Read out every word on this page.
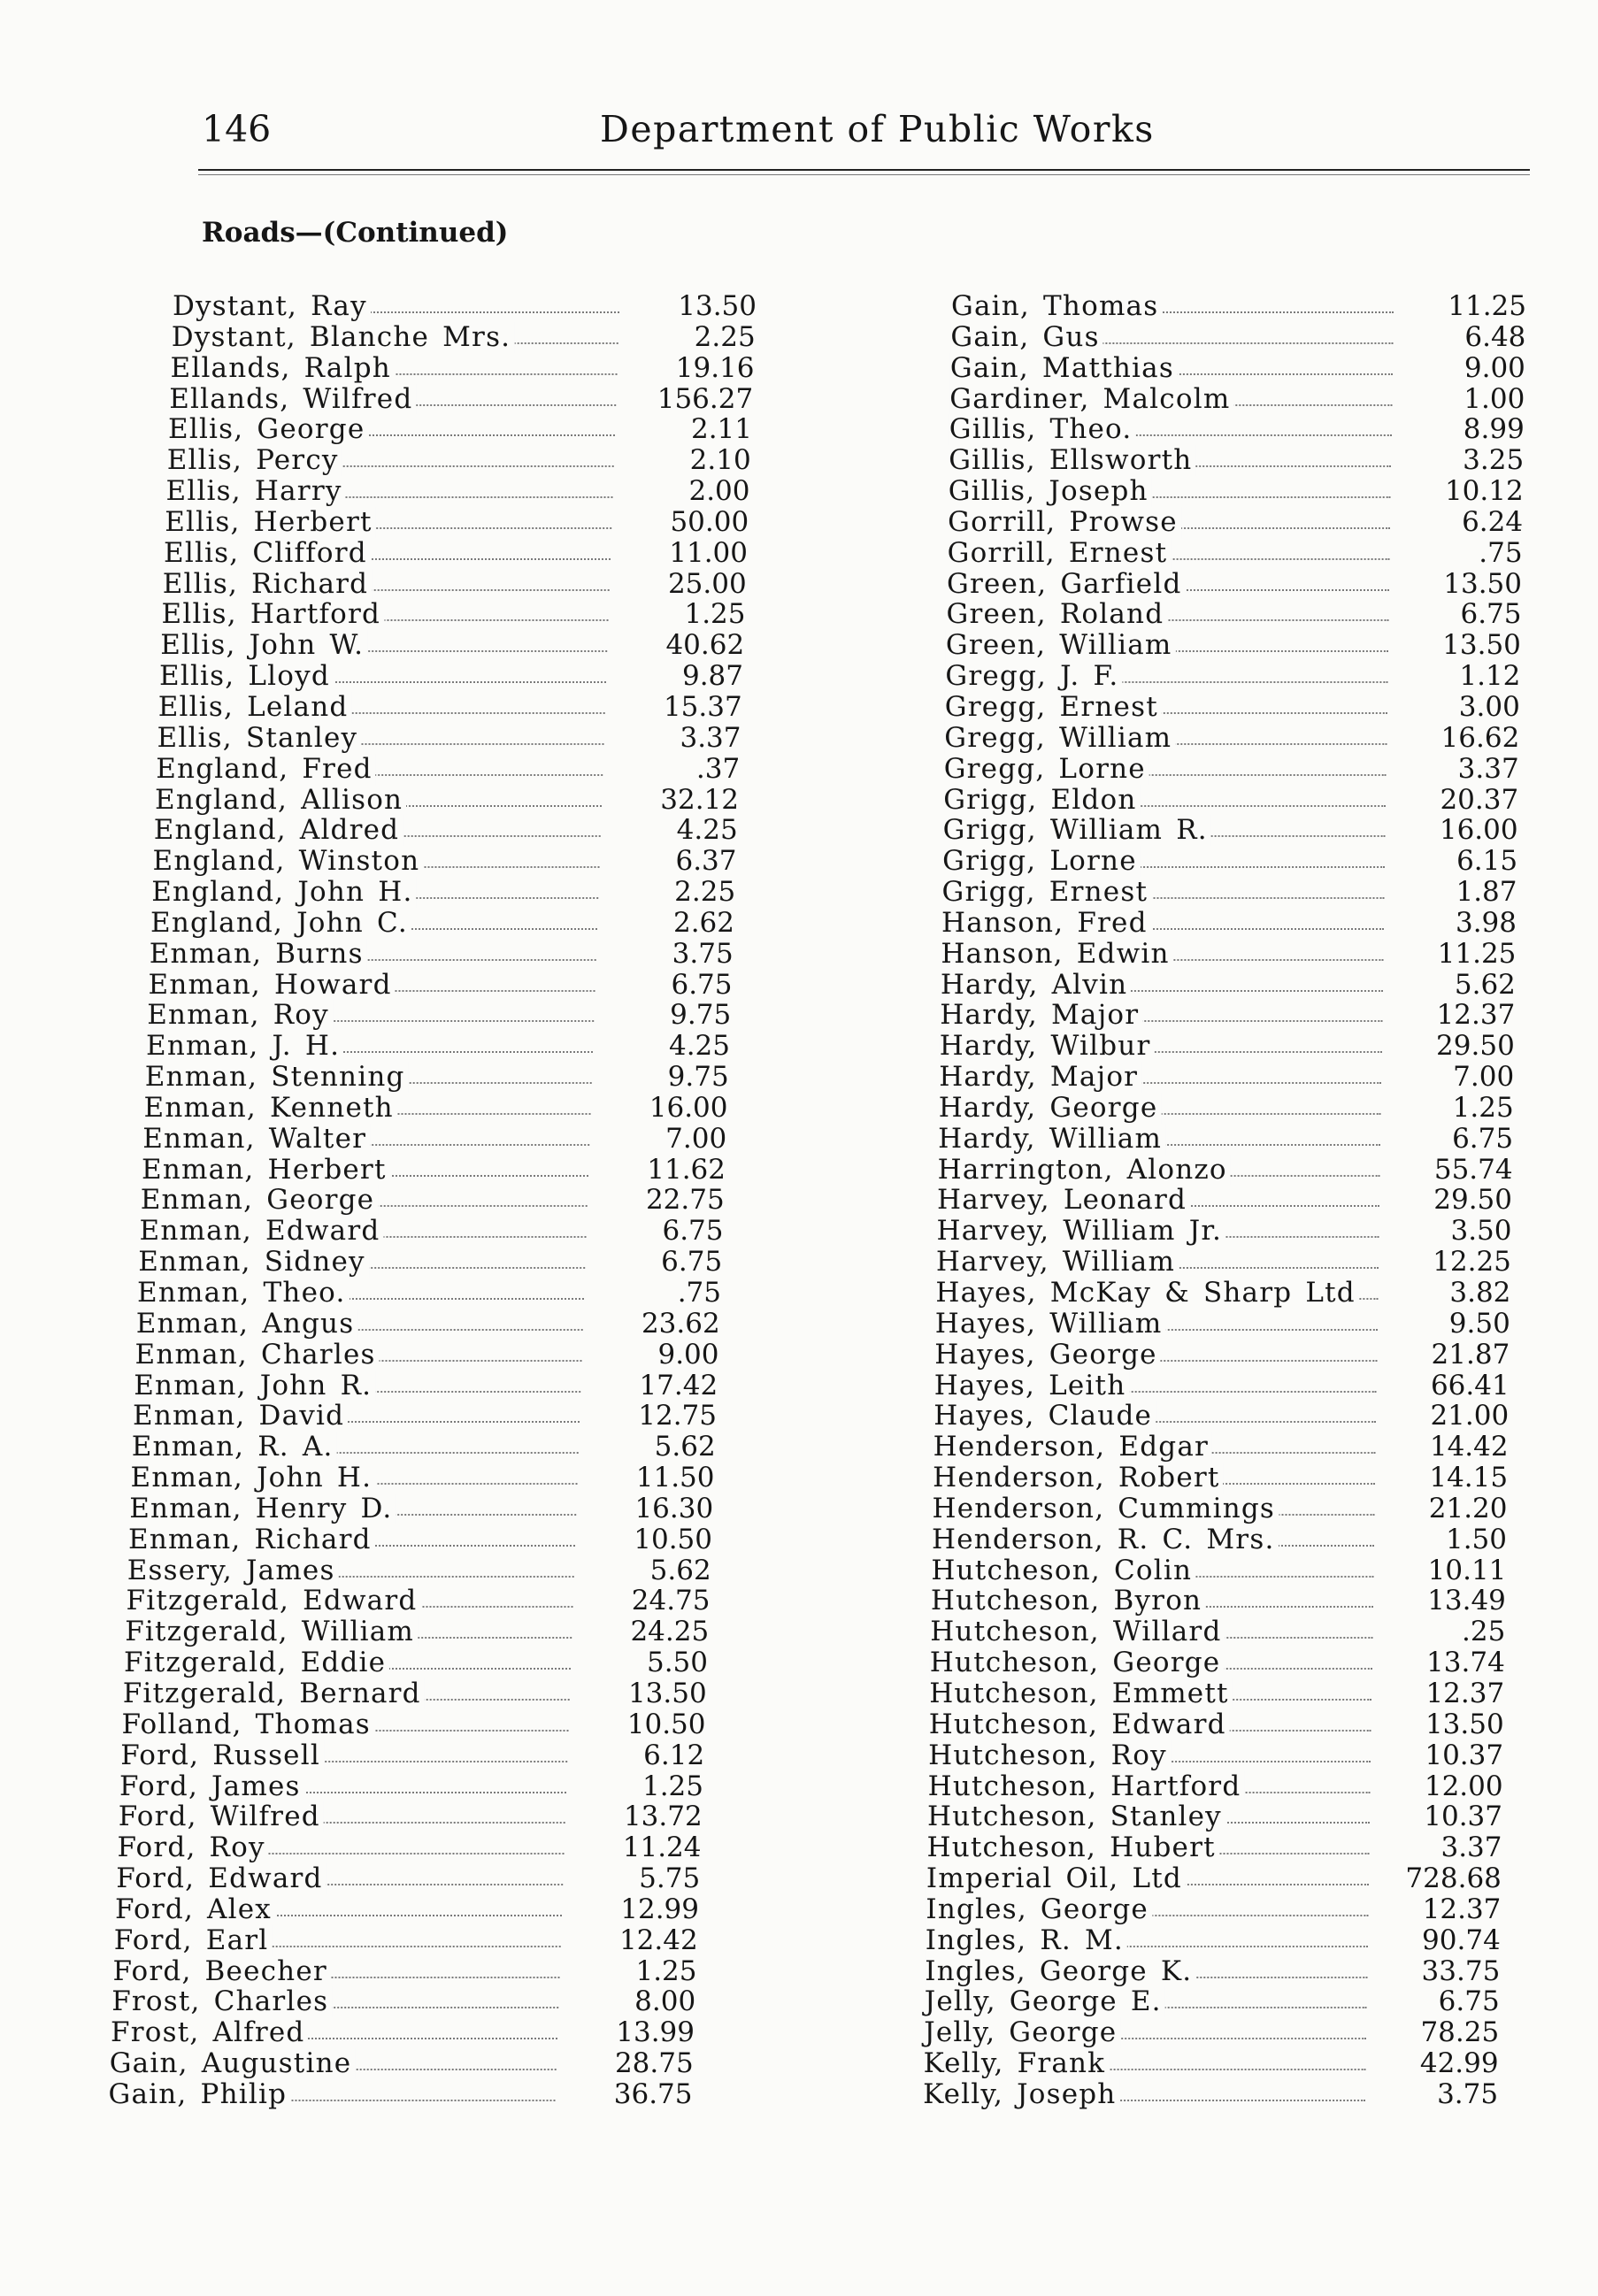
146	Department of Public Works
Roads—(Continued)
Dystant, Ray	13.50
Dystant, Blanche Mrs.	2.25
Ellands, Ralph	19.16
Ellands, Wilfred	156.27
Ellis, George	2.11
Ellis, Percy	2.10
Ellis, Harry	2.00
Ellis, Herbert	50.00
Ellis, Clifford	11.00
Ellis, Richard	25.00
Ellis, Hartford	1.25
Ellis, John W.	40.62
Ellis, Lloyd	9.87
Ellis, Leland	15.37
Ellis, Stanley	3.37
England, Fred	.37
England, Allison	32.12
England, Aldred	4.25
England, Winston	6.37
England, John H.	2.25
England, John C.	2.62
Enman, Burns	3.75
Enman, Howard	6.75
Enman, Roy	9.75
Enman, J. H.	4.25
Enman, Stenning	9.75
Enman, Kenneth	16.00
Enman, Walter	7.00
Enman, Herbert	11.62
Enman, George	22.75
Enman, Edward	6.75
Enman, Sidney	6.75
Enman, Theo.	.75
Enman, Angus	23.62
Enman, Charles	9.00
Enman, John R.	17.42
Enman, David	12.75
Enman, R. A.	5.62
Enman, John H.	11.50
Enman, Henry D.	16.30
Enman, Richard	10.50
Essery, James	5.62
Fitzgerald, Edward	24.75
Fitzgerald, William	24.25
Fitzgerald, Eddie	5.50
Fitzgerald, Bernard	13.50
Folland, Thomas	10.50
Ford, Russell	6.12
Ford, James	1.25
Ford, Wilfred	13.72
Ford, Roy	11.24
Ford, Edward	5.75
Ford, Alex	12.99
Ford, Earl	12.42
Ford, Beecher	1.25
Frost, Charles	8.00
Frost, Alfred	13.99
Gain, Augustine	28.75
Gain, Philip	36.75
Gain, Thomas	11.25
Gain, Gus	6.48
Gain, Matthias	9.00
Gardiner, Malcolm	1.00
Gillis, Theo.	8.99
Gillis, Ellsworth	3.25
Gillis, Joseph	10.12
Gorrill, Prowse	6.24
Gorrill, Ernest	.75
Green, Garfield	13.50
Green, Roland	6.75
Green, William	13.50
Gregg, J. F.	1.12
Gregg, Ernest	3.00
Gregg, William	16.62
Gregg, Lorne	3.37
Grigg, Eldon	20.37
Grigg, William R.	16.00
Grigg, Lorne	6.15
Grigg, Ernest	1.87
Hanson, Fred	3.98
Hanson, Edwin	11.25
Hardy, Alvin	5.62
Hardy, Major	12.37
Hardy, Wilbur	29.50
Hardy, Major	7.00
Hardy, George	1.25
Hardy, William	6.75
Harrington, Alonzo	55.74
Harvey, Leonard	29.50
Harvey, William Jr.	3.50
Harvey, William	12.25
Hayes, McKay & Sharp Ltd	3.82
Hayes, William	9.50
Hayes, George	21.87
Hayes, Leith	66.41
Hayes, Claude	21.00
Henderson, Edgar	14.42
Henderson, Robert	14.15
Henderson, Cummings	21.20
Henderson, R. C. Mrs.	1.50
Hutcheson, Colin	10.11
Hutcheson, Byron	13.49
Hutcheson, Willard	.25
Hutcheson, George	13.74
Hutcheson, Emmett	12.37
Hutcheson, Edward	13.50
Hutcheson, Roy	10.37
Hutcheson, Hartford	12.00
Hutcheson, Stanley	10.37
Hutcheson, Hubert	3.37
Imperial Oil, Ltd	728.68
Ingles, George	12.37
Ingles, R. M.	90.74
Ingles, George K.	33.75
Jelly, George E.	6.75
Jelly, George	78.25
Kelly, Frank	42.99
Kelly, Joseph	3.75
